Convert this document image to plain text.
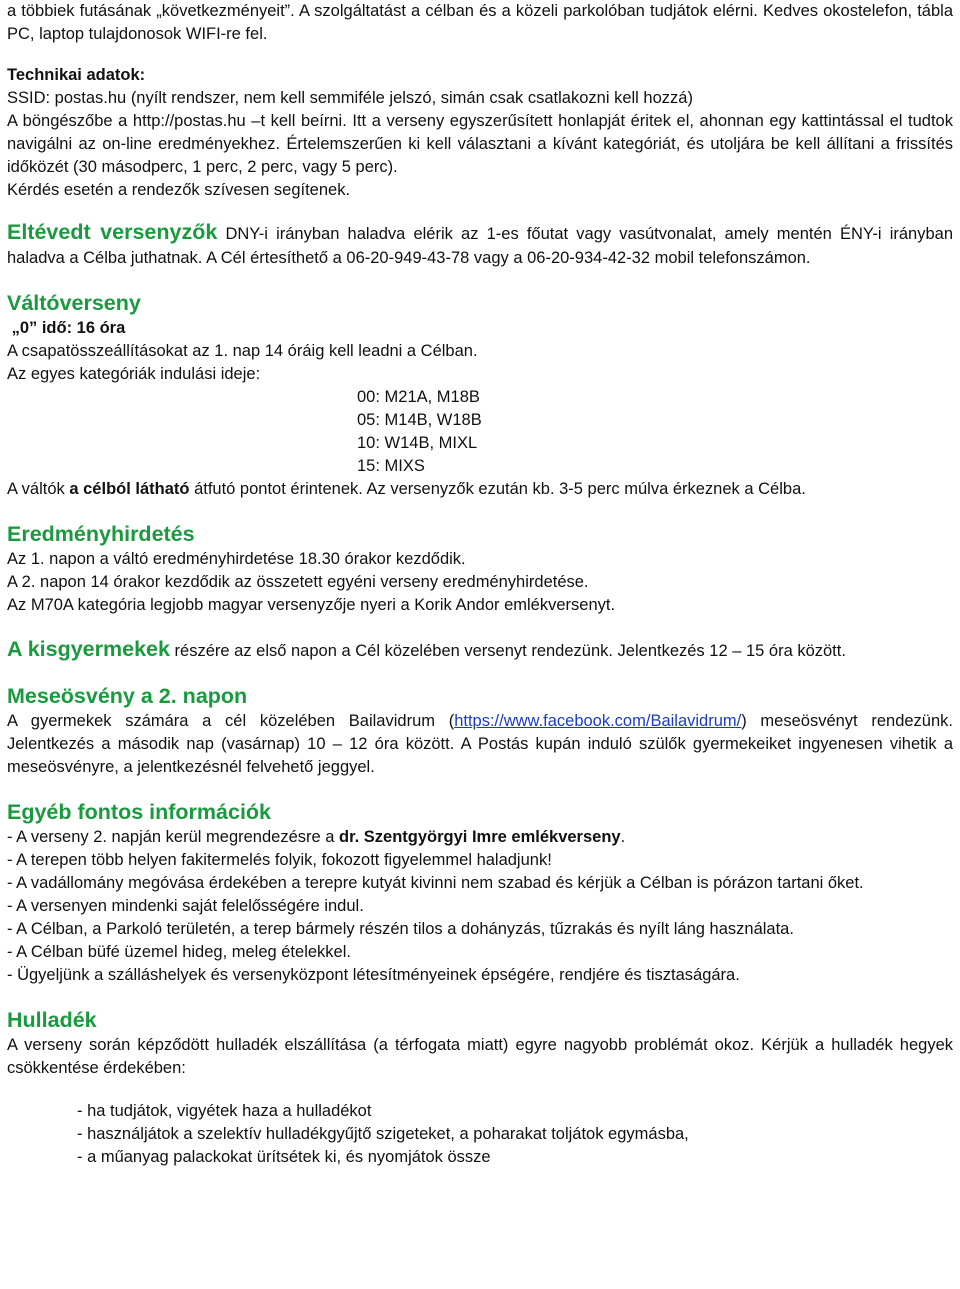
a többiek futásának „következményeit”. A szolgáltatást a célban és a közeli parkolóban tudjátok elérni. Kedves okostelefon, tábla PC, laptop tulajdonosok WIFI-re fel.

Technikai adatok:

SSID: postas.hu (nyílt rendszer, nem kell semmiféle jelszó, simán csak csatlakozni kell hozzá)

A böngészőbe a http://postas.hu –t kell beírni. Itt a verseny egyszerűsített honlapját éritek el, ahonnan egy kattintással el tudtok navigálni az on-line eredményekhez. Értelemszerűen ki kell választani a kívánt kategóriát, és utoljára be kell állítani a frissítés időközét (30 másodperc, 1 perc, 2 perc, vagy 5 perc).

Kérdés esetén a rendezők szívesen segítenek.

Eltévedt versenyzők DNY-i irányban haladva elérik az 1-es főutat vagy vasútvonalat, amely mentén ÉNY-i irányban haladva a Célba juthatnak. A Cél értesíthető a 06-20-949-43-78 vagy a 06-20-934-42-32 mobil telefonszámon.

Váltóverseny

„0” idő: 16 óra

A csapatösszeállításokat az 1. nap 14 óráig kell leadni a Célban.

Az egyes kategóriák indulási ideje:

00: M21A, M18B

05: M14B, W18B

10: W14B, MIXL

15: MIXS

A váltók a célból látható átfutó pontot érintenek. Az versenyzők ezután kb. 3-5 perc múlva érkeznek a Célba.

Eredményhirdetés

Az 1. napon a váltó eredményhirdetése 18.30 órakor kezdődik.

A 2. napon 14 órakor kezdődik az összetett egyéni verseny eredményhirdetése.

Az M70A kategória legjobb magyar versenyzője nyeri a Korik Andor emlékversenyt.

A kisgyermekek részére az első napon a Cél közelében versenyt rendezünk. Jelentkezés 12 – 15 óra között.

Meseösvény a 2. napon

A gyermekek számára a cél közelében Bailavidrum (https://www.facebook.com/Bailavidrum/) meseösvényt rendezünk. Jelentkezés a második nap (vasárnap) 10 – 12 óra között. A Postás kupán induló szülők gyermekeiket ingyenesen vihetik a meseösvényre, a jelentkezésnél felvehető jeggyel.

Egyéb fontos információk

- A verseny 2. napján kerül megrendezésre a dr. Szentgyörgyi Imre emlékverseny.

- A terepen több helyen fakitermelés folyik, fokozott figyelemmel haladjunk!

- A vadállomány megóvása érdekében a terepre kutyát kivinni nem szabad és kérjük a Célban is pórázon tartani őket.

- A versenyen mindenki saját felelősségére indul.

- A Célban, a Parkoló területén, a terep bármely részén tilos a dohányzás, tűzrakás és nyílt láng használata.

- A Célban büfé üzemel hideg, meleg ételekkel.

- Ügyeljünk a szálláshelyek és versenyközpont létesítményeinek épségére, rendjére és tisztaságára.

Hulladék

A verseny során képződött hulladék elszállítása (a térfogata miatt) egyre nagyobb problémát okoz. Kérjük a hulladék hegyek csökkentése érdekében:

- ha tudjátok, vigyétek haza a hulladékot

- használjátok a szelektív hulladékgyűjtő szigeteket, a poharakat toljátok egymásba,

- a műanyag palackokat ürítsétek ki, és nyomjátok össze
